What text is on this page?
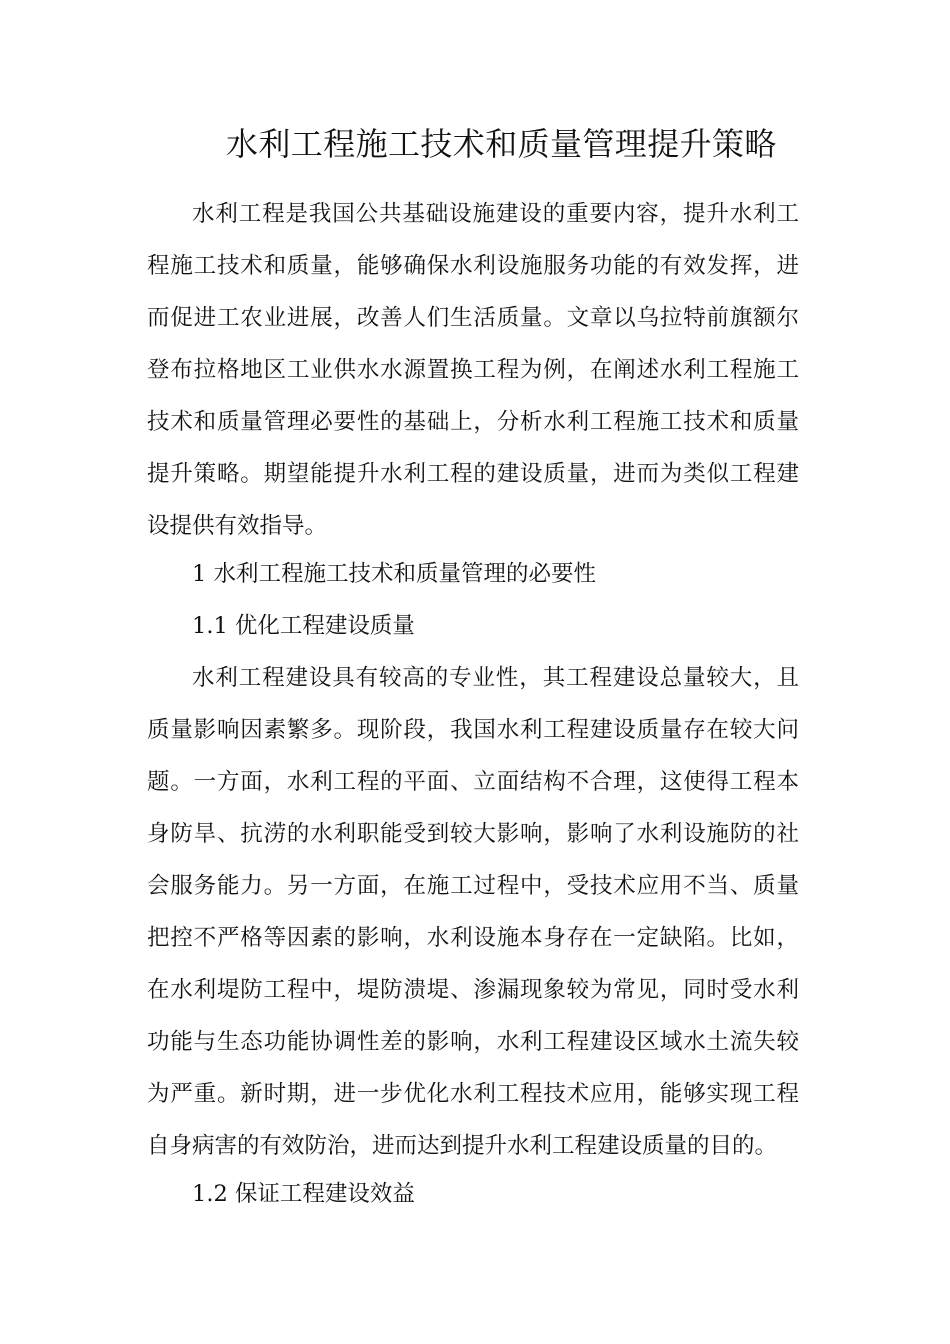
水利工程施工技术和质量管理提升策略

水利工程是我国公共基础设施建设的重要内容，提升水利工程施工技术和质量，能够确保水利设施服务功能的有效发挥，进而促进工农业进展，改善人们生活质量。文章以乌拉特前旗额尔登布拉格地区工业供水水源置换工程为例，在阐述水利工程施工技术和质量管理必要性的基础上，分析水利工程施工技术和质量提升策略。期望能提升水利工程的建设质量，进而为类似工程建设提供有效指导。

1 水利工程施工技术和质量管理的必要性

1.1 优化工程建设质量

水利工程建设具有较高的专业性，其工程建设总量较大，且质量影响因素繁多。现阶段，我国水利工程建设质量存在较大问题。一方面，水利工程的平面、立面结构不合理，这使得工程本身防旱、抗涝的水利职能受到较大影响，影响了水利设施防的社会服务能力。另一方面，在施工过程中，受技术应用不当、质量把控不严格等因素的影响，水利设施本身存在一定缺陷。比如，在水利堤防工程中，堤防溃堤、渗漏现象较为常见，同时受水利功能与生态功能协调性差的影响，水利工程建设区域水土流失较为严重。新时期，进一步优化水利工程技术应用，能够实现工程自身病害的有效防治，进而达到提升水利工程建设质量的目的。

1.2 保证工程建设效益
